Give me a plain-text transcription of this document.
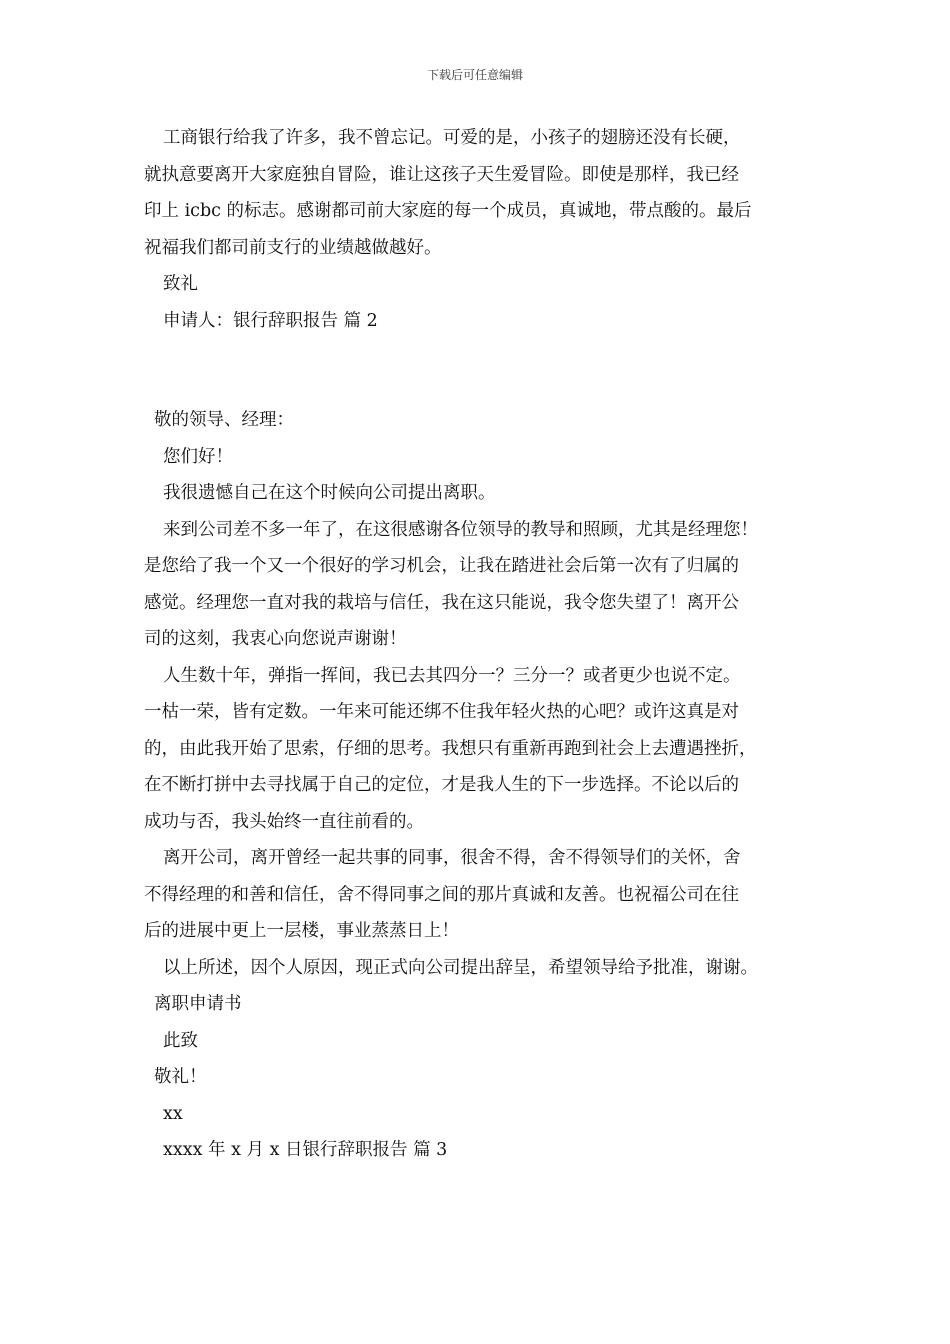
下载后可任意编辑
工商银行给我了许多，我不曾忘记。可爱的是，小孩子的翅膀还没有长硬，
就执意要离开大家庭独自冒险，谁让这孩子天生爱冒险。即使是那样，我已经
印上 icbc 的标志。感谢都司前大家庭的每一个成员，真诚地，带点酸的。最后
祝福我们都司前支行的业绩越做越好。
致礼
申请人：银行辞职报告 篇 2
敬的领导、经理：
您们好！
我很遗憾自己在这个时候向公司提出离职。
来到公司差不多一年了，在这很感谢各位领导的教导和照顾，尤其是经理您！
是您给了我一个又一个很好的学习机会，让我在踏进社会后第一次有了归属的
感觉。经理您一直对我的栽培与信任，我在这只能说，我令您失望了！离开公
司的这刻，我衷心向您说声谢谢！
人生数十年，弹指一挥间，我已去其四分一？三分一？或者更少也说不定。
一枯一荣，皆有定数。一年来可能还绑不住我年轻火热的心吧？或许这真是对
的，由此我开始了思索，仔细的思考。我想只有重新再跑到社会上去遭遇挫折，
在不断打拼中去寻找属于自己的定位，才是我人生的下一步选择。不论以后的
成功与否，我头始终一直往前看的。
离开公司，离开曾经一起共事的同事，很舍不得，舍不得领导们的关怀，舍
不得经理的和善和信任，舍不得同事之间的那片真诚和友善。也祝福公司在往
后的进展中更上一层楼，事业蒸蒸日上！
以上所述，因个人原因，现正式向公司提出辞呈，希望领导给予批准，谢谢。
离职申请书
此致
敬礼！
xx
xxxx 年 x 月 x 日银行辞职报告 篇 3
